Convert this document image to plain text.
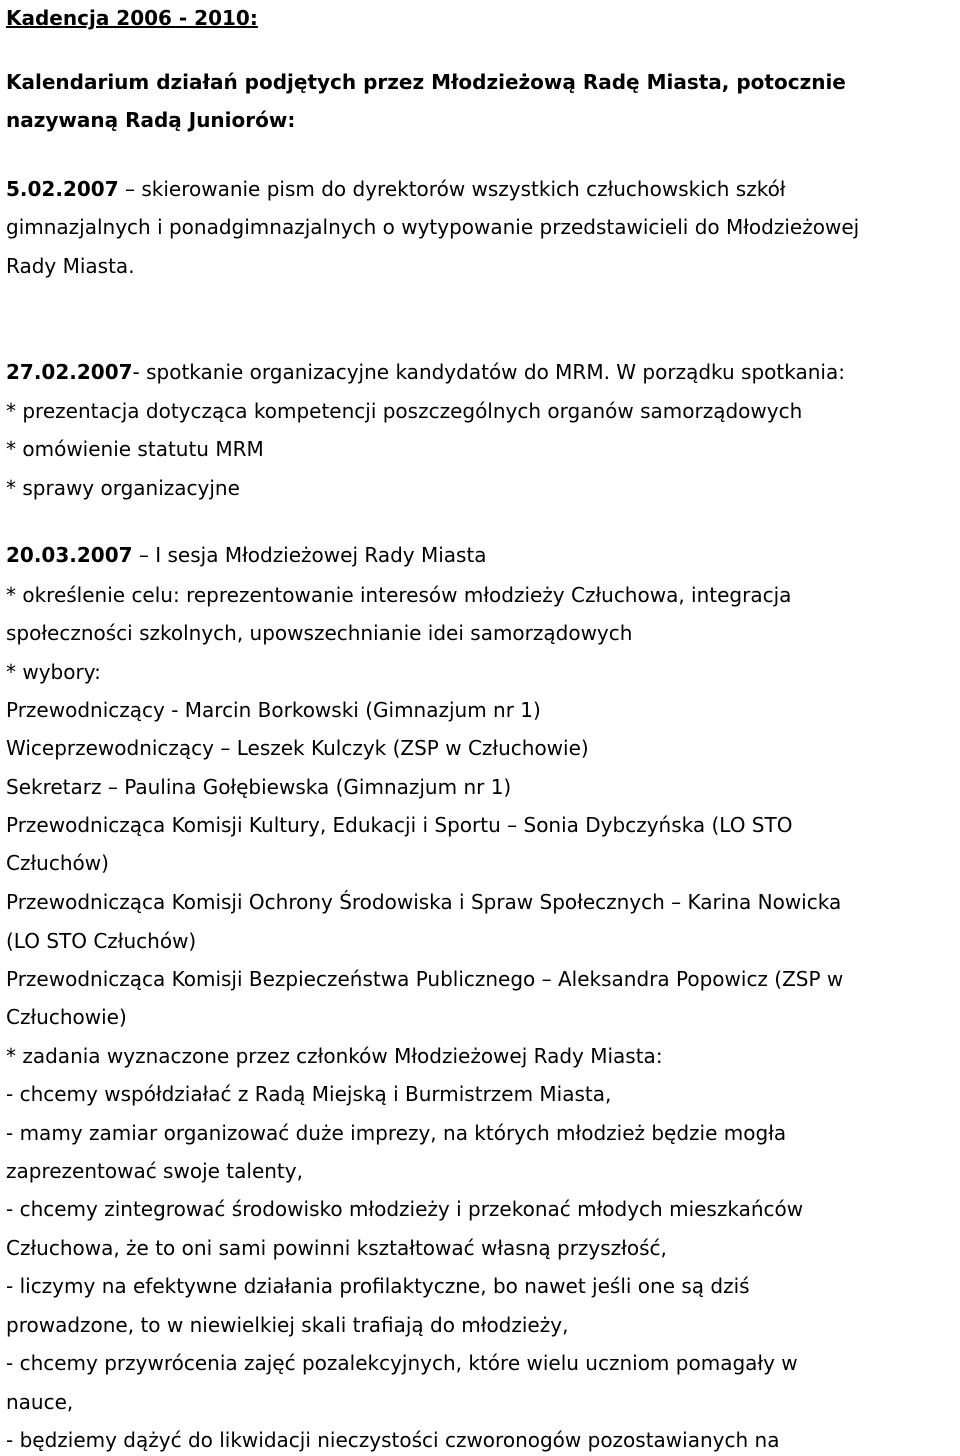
Kadencja 2006 - 2010:
Kalendarium działań podjętych przez Młodzieżową Radę Miasta, potocznie
nazywaną Radą Juniorów:
5.02.2007 – skierowanie pism do dyrektorów wszystkich człuchowskich szkół
gimnazjalnych i ponadgimnazjalnych o wytypowanie przedstawicieli do Młodzieżowej
Rady Miasta.
27.02.2007- spotkanie organizacyjne kandydatów do MRM. W porządku spotkania:
* prezentacja dotycząca kompetencji poszczególnych organów samorządowych
* omówienie statutu MRM
* sprawy organizacyjne
20.03.2007 – I sesja Młodzieżowej Rady Miasta
* określenie celu: reprezentowanie interesów młodzieży Człuchowa, integracja
społeczności szkolnych, upowszechnianie idei samorządowych
* wybory:
Przewodniczący - Marcin Borkowski (Gimnazjum nr 1)
Wiceprzewodniczący – Leszek Kulczyk (ZSP w Człuchowie)
Sekretarz – Paulina Gołębiewska (Gimnazjum nr 1)
Przewodnicząca Komisji Kultury, Edukacji i Sportu – Sonia Dybczyńska (LO STO
Człuchów)
Przewodnicząca Komisji Ochrony Środowiska i Spraw Społecznych – Karina Nowicka
(LO STO Człuchów)
Przewodnicząca Komisji Bezpieczeństwa Publicznego – Aleksandra Popowicz (ZSP w
Człuchowie)
* zadania wyznaczone przez członków Młodzieżowej Rady Miasta:
- chcemy współdziałać z Radą Miejską i Burmistrzem Miasta,
- mamy zamiar organizować duże imprezy, na których młodzież będzie mogła
zaprezentować swoje talenty,
- chcemy zintegrować środowisko młodzieży i przekonać młodych mieszkańców
Człuchowa, że to oni sami powinni kształtować własną przyszłość,
- liczymy na efektywne działania profilaktyczne, bo nawet jeśli one są dziś
prowadzone, to w niewielkiej skali trafiają do młodzieży,
- chcemy przywrócenia zajęć pozalekcyjnych, które wielu uczniom pomagały w
nauce,
- będziemy dążyć do likwidacji nieczystości czworonogów pozostawianych na
